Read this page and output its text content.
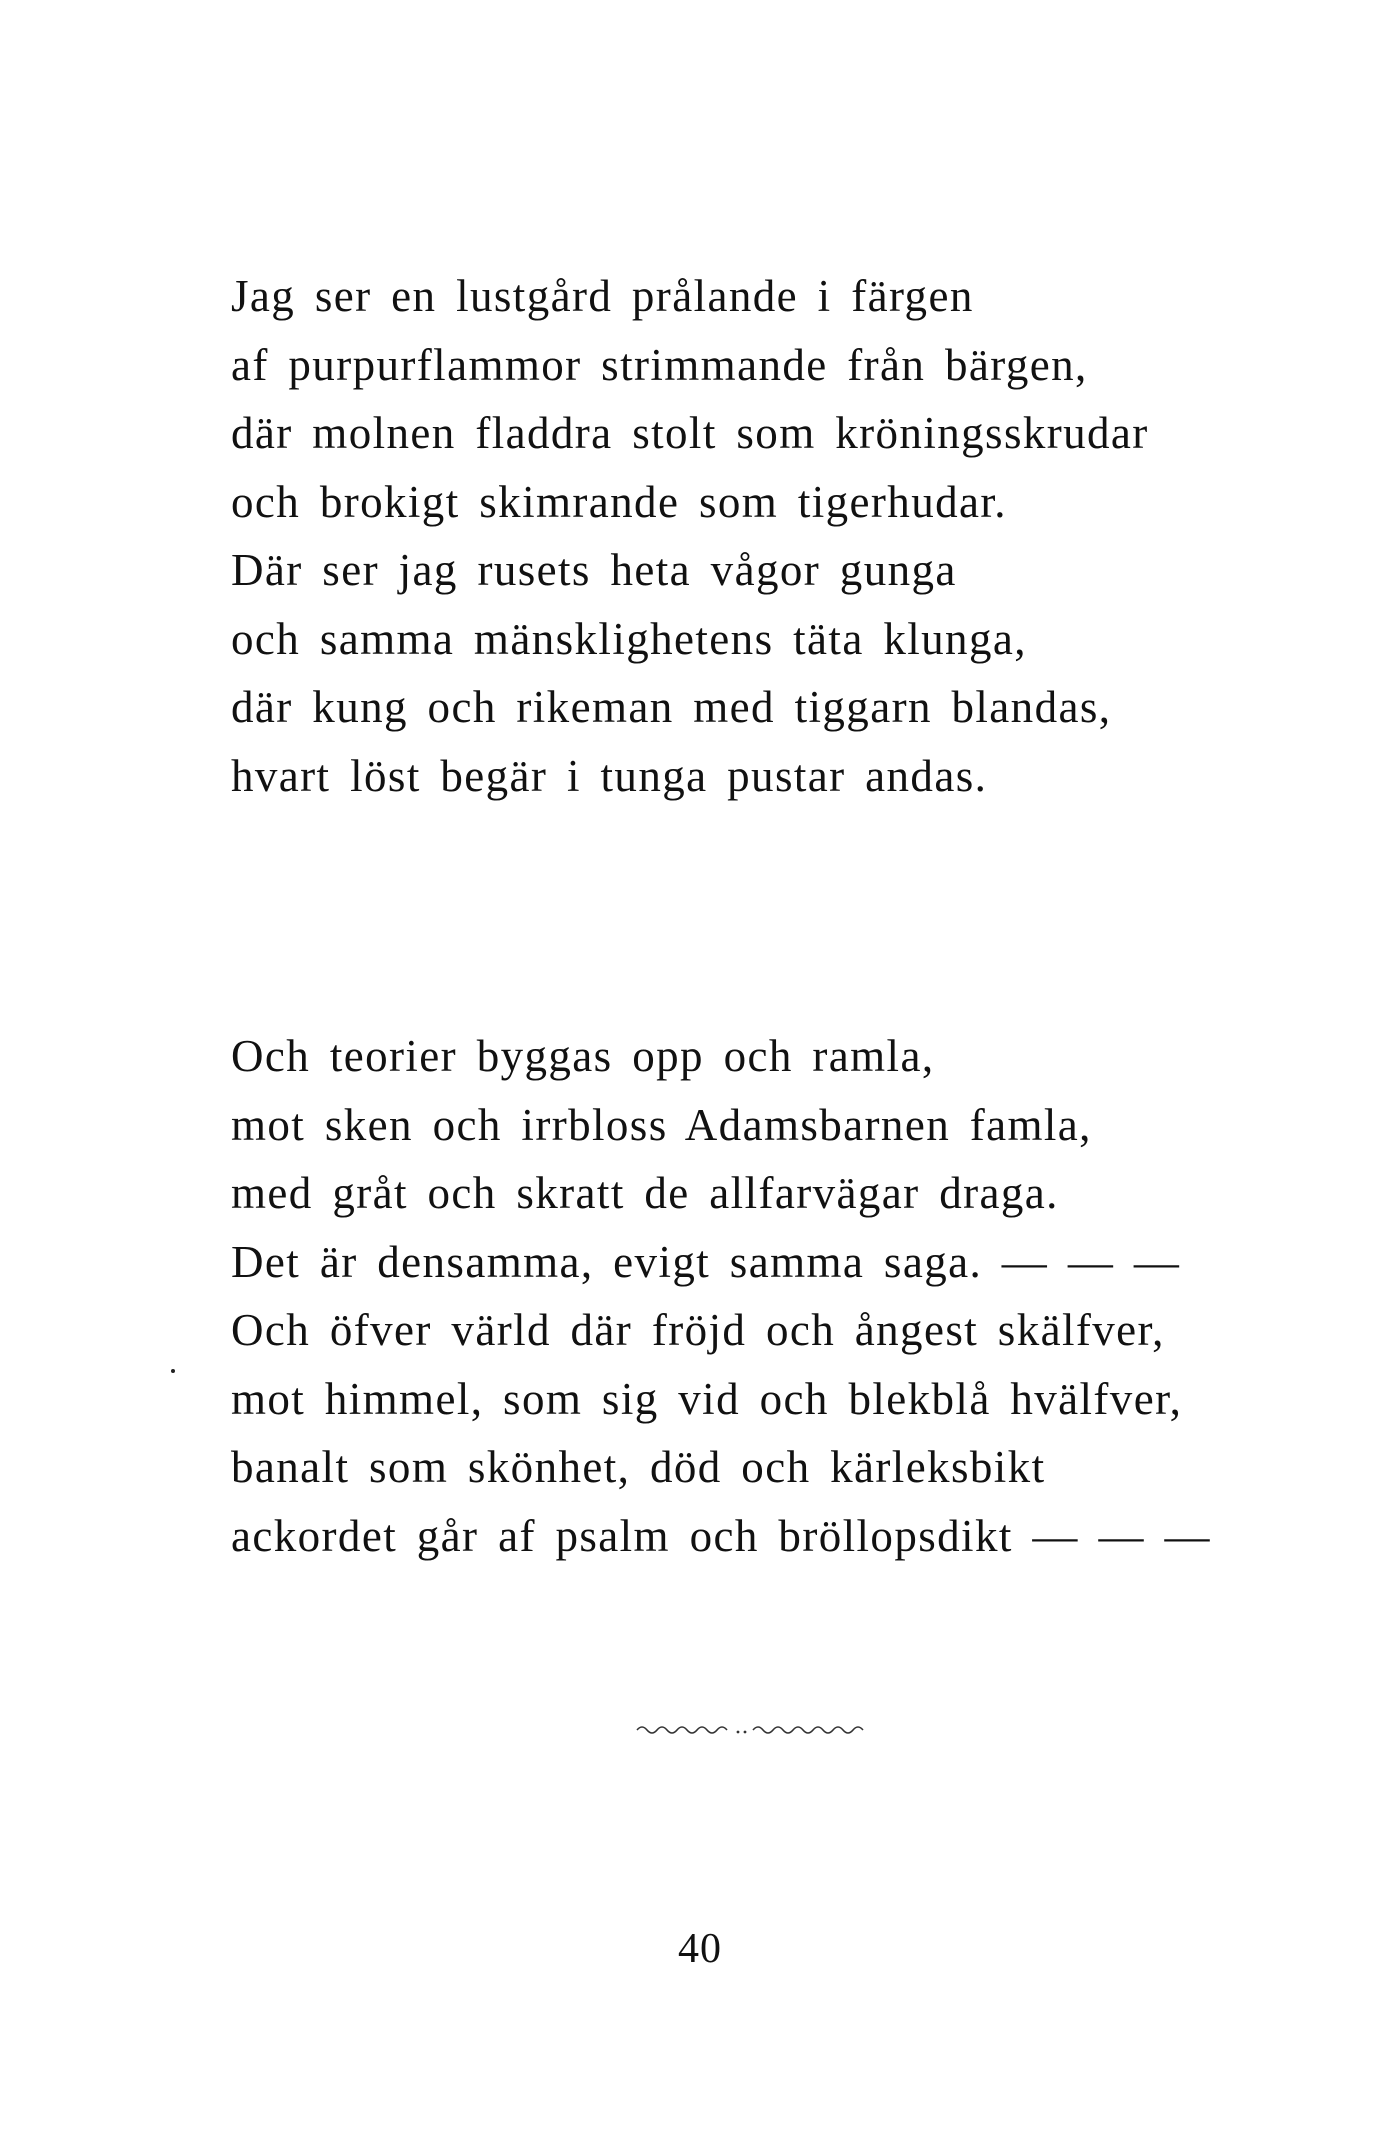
Jag ser en lustgård prålande i färgen
af purpurflammor strimmande från bärgen,
där molnen fladdra stolt som kröningsskrudar
och brokigt skimrande som tigerhudar.
Där ser jag rusets heta vågor gunga
och samma mänsklighetens täta klunga,
där kung och rikeman med tiggarn blandas,
hvart löst begär i tunga pustar andas.
Och teorier byggas opp och ramla,
mot sken och irrbloss Adamsbarnen famla,
med gråt och skratt de allfarvägar draga.
Det är densamma, evigt samma saga. — — —
Och öfver värld där fröjd och ångest skälfver,
mot himmel, som sig vid och blekblå hvälfver,
banalt som skönhet, död och kärleksbikt
ackordet går af psalm och bröllopsdikt — — —
40
